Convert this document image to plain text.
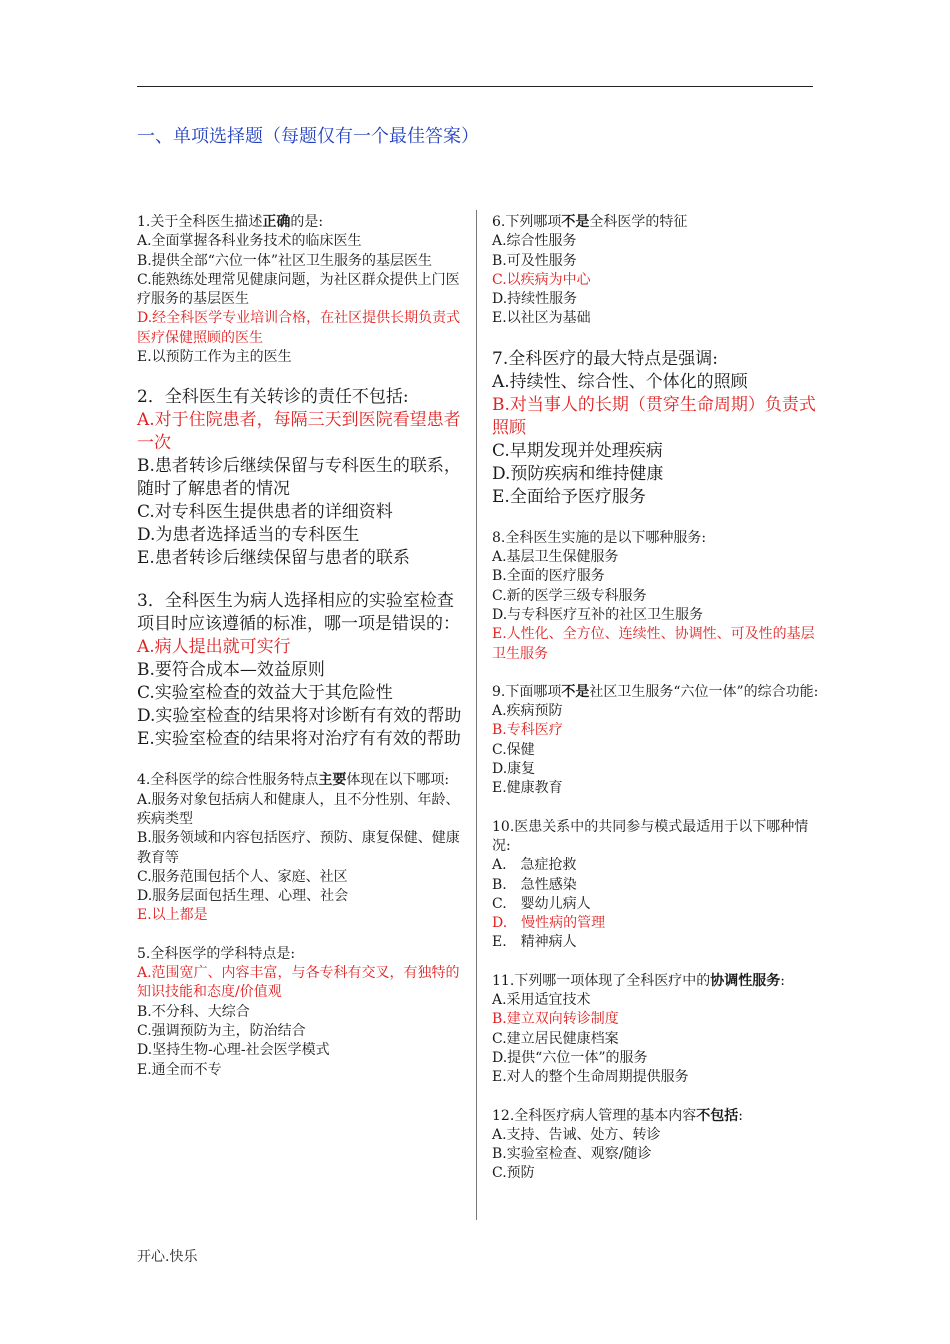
一、单项选择题（每题仅有一个最佳答案）
1.关于全科医生描述正确的是:
A.全面掌握各科业务技术的临床医生
B.提供全部“六位一体”社区卫生服务的基层医生
C.能熟练处理常见健康问题，为社区群众提供上门医疗服务的基层医生
D.经全科医学专业培训合格，在社区提供长期负责式医疗保健照顾的医生
E.以预防工作为主的医生
2．全科医生有关转诊的责任不包括:
A.对于住院患者，每隔三天到医院看望患者一次
B.患者转诊后继续保留与专科医生的联系，随时了解患者的情况
C.对专科医生提供患者的详细资料
D.为患者选择适当的专科医生
E.患者转诊后继续保留与患者的联系
3．全科医生为病人选择相应的实验室检查项目时应该遵循的标准，哪一项是错误的：
A.病人提出就可实行
B.要符合成本—效益原则
C.实验室检查的效益大于其危险性
D.实验室检查的结果将对诊断有有效的帮助
E.实验室检查的结果将对治疗有有效的帮助
4.全科医学的综合性服务特点主要体现在以下哪项:
A.服务对象包括病人和健康人，且不分性别、年龄、疾病类型
B.服务领域和内容包括医疗、预防、康复保健、健康教育等
C.服务范围包括个人、家庭、社区
D.服务层面包括生理、心理、社会
E.以上都是
5.全科医学的学科特点是:
A.范围宽广、内容丰富，与各专科有交叉，有独特的知识技能和态度/价值观
B.不分科、大综合
C.强调预防为主，防治结合
D.坚持生物-心理-社会医学模式
E.通全而不专
6.下列哪项不是全科医学的特征
A.综合性服务
B.可及性服务
C.以疾病为中心
D.持续性服务
E.以社区为基础
7.全科医疗的最大特点是强调:
A.持续性、综合性、个体化的照顾
B.对当事人的长期（贯穿生命周期）负责式照顾
C.早期发现并处理疾病
D.预防疾病和维持健康
E.全面给予医疗服务
8.全科医生实施的是以下哪种服务:
A.基层卫生保健服务
B.全面的医疗服务
C.新的医学三级专科服务
D.与专科医疗互补的社区卫生服务
E.人性化、全方位、连续性、协调性、可及性的基层卫生服务
9.下面哪项不是社区卫生服务“六位一体”的综合功能:
A.疾病预防
B.专科医疗
C.保健
D.康复
E.健康教育
10.医患关系中的共同参与模式最适用于以下哪种情况:
A.　急症抢救
B.　急性感染
C.　婴幼儿病人
D.　慢性病的管理
E.　精神病人
11.下列哪一项体现了全科医疗中的协调性服务:
A.采用适宜技术
B.建立双向转诊制度
C.建立居民健康档案
D.提供“六位一体”的服务
E.对人的整个生命周期提供服务
12.全科医疗病人管理的基本内容不包括:
A.支持、告诫、处方、转诊
B.实验室检查、观察/随诊
C.预防
开心.快乐
